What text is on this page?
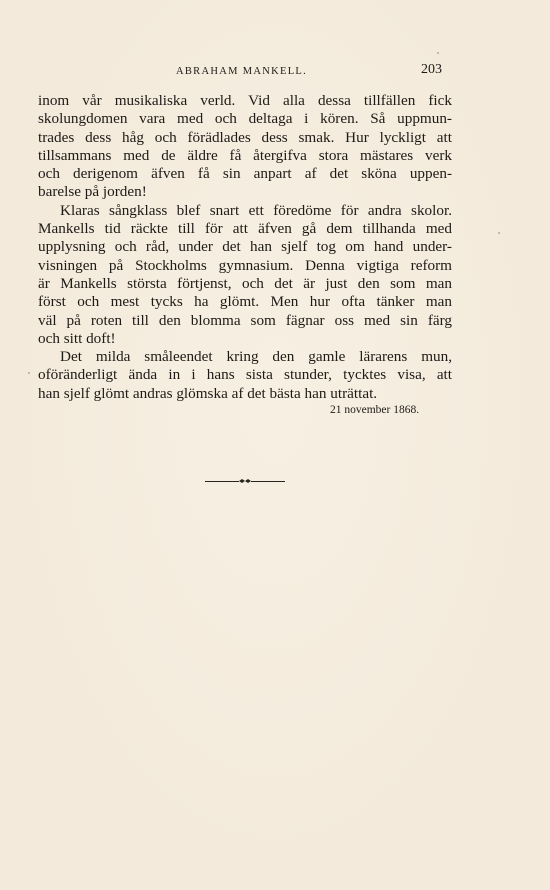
ABRAHAM MANKELL.	203
inom vår musikaliska verld. Vid alla dessa tillfällen fick
skolungdomen vara med och deltaga i kören. Så uppmun-
trades dess håg och förädlades dess smak. Hur lyckligt att
tillsammans med de äldre få återgifva stora mästares verk
och derigenom äfven få sin anpart af det sköna uppen-
barelse på jorden!
Klaras sångklass blef snart ett föredöme för andra skolor.
Mankells tid räckte till för att äfven gå dem tillhanda med
upplysning och råd, under det han sjelf tog om hand under-
visningen på Stockholms gymnasium. Denna vigtiga reform
är Mankells största förtjenst, och det är just den som man
först och mest tycks ha glömt. Men hur ofta tänker man
väl på roten till den blomma som fägnar oss med sin färg
och sitt doft!
Det milda småleendet kring den gamle lärarens mun,
oföränderligt ända in i hans sista stunder, tycktes visa, att
han sjelf glömt andras glömska af det bästa han uträttat.
21 november 1868.
